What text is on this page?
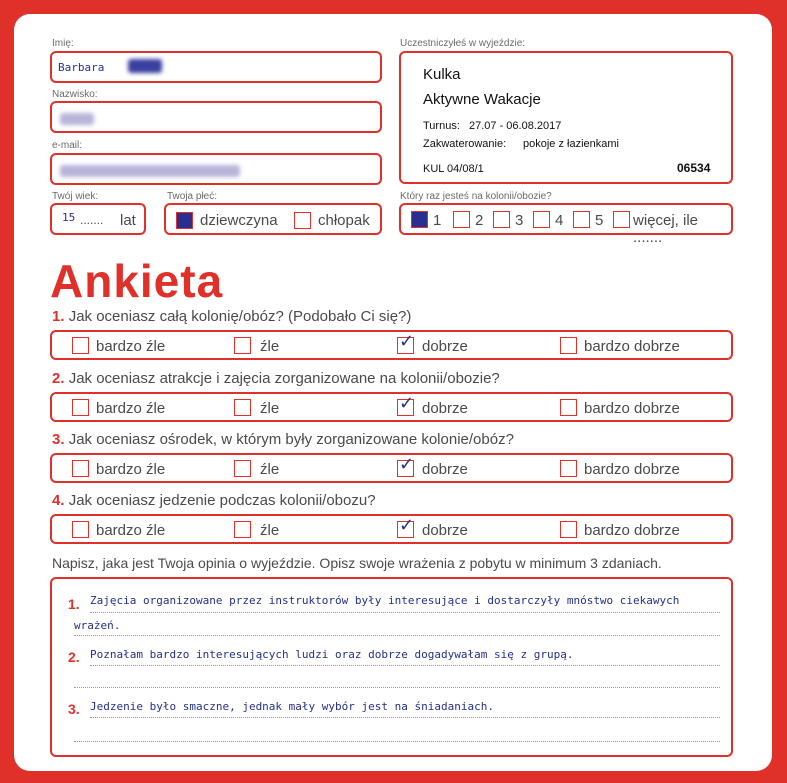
Imię:
Barbara
Nazwisko:
e-mail:
Twój wiek:
15 ....... lat
Twoja płeć:
dziewczyna	chłopak
Uczestniczyłeś w wyjeździe:
Kulka
Aktywne Wakacje
Turnus: 27.07 - 06.08.2017
Zakwaterowanie: pokoje z łazienkami
KUL 04/08/1	06534
Który raz jesteś na kolonii/obozie?
1 2 3 4 5 więcej, ile .......
Ankieta
1. Jak oceniasz całą kolonię/obóz? (Podobało Ci się?)
bardzo źle	źle	✓ dobrze	bardzo dobrze
2. Jak oceniasz atrakcje i zajęcia zorganizowane na kolonii/obozie?
bardzo źle	źle	✓ dobrze	bardzo dobrze
3. Jak oceniasz ośrodek, w którym były zorganizowane kolonie/obóz?
bardzo źle	źle	✓ dobrze	bardzo dobrze
4. Jak oceniasz jedzenie podczas kolonii/obozu?
bardzo źle	źle	✓ dobrze	bardzo dobrze
Napisz, jaka jest Twoja opinia o wyjeździe. Opisz swoje wrażenia z pobytu w minimum 3 zdaniach.
1. Zajęcia organizowane przez instruktorów były interesujące i dostarczyły mnóstwo ciekawych
wrażeń.
2. Poznałam bardzo interesujących ludzi oraz dobrze dogadywałam się z grupą.
3. Jedzenie było smaczne, jednak mały wybór jest na śniadaniach.
